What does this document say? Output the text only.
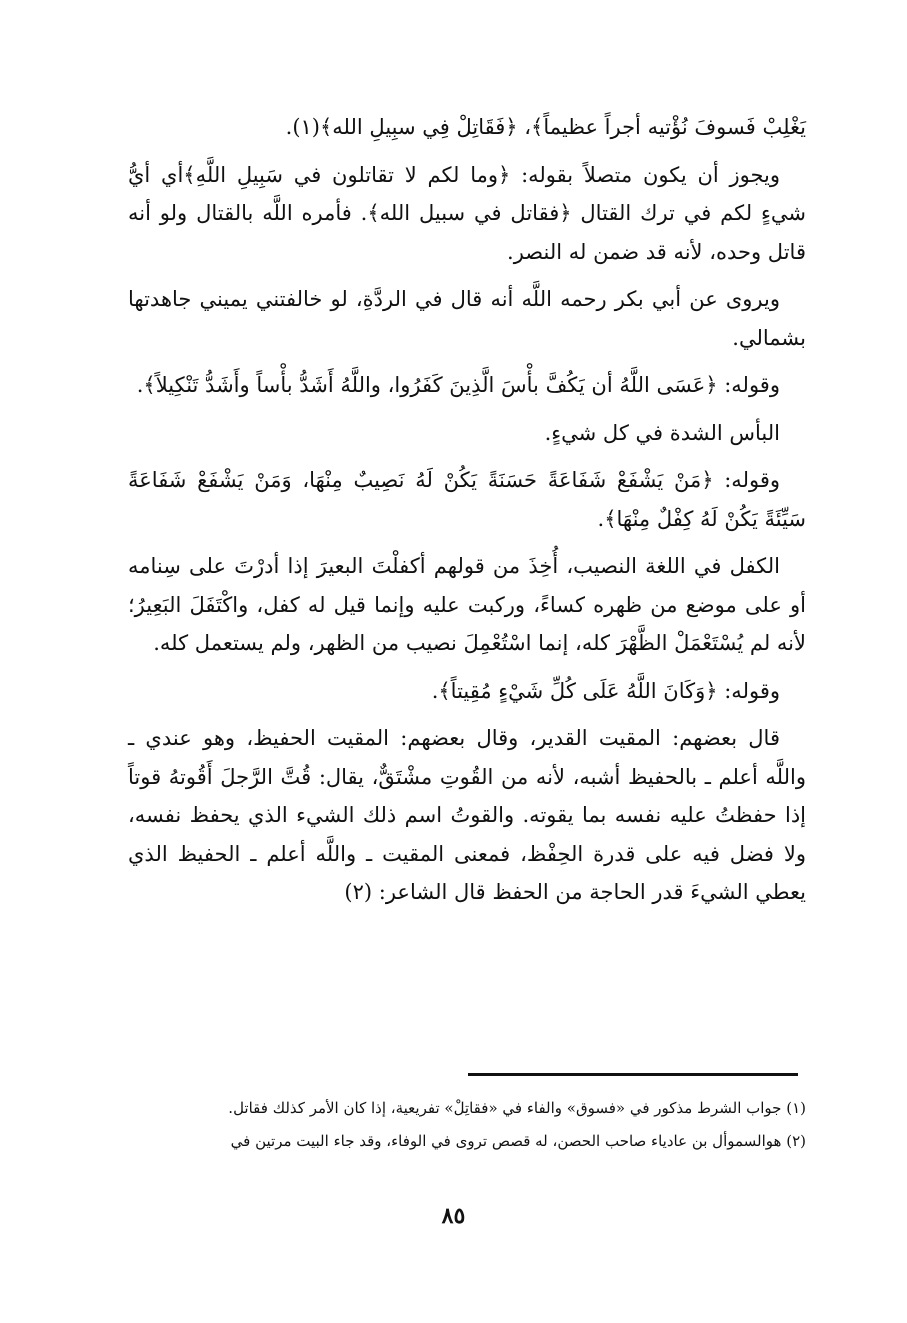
يَغْلِبْ فَسوفَ نُؤْتيه أجراً عظيماً﴾، ﴿فَقَاتِلْ فِي سبِيلِ الله﴾(١).

ويجوز أن يكون متصلاً بقوله: ﴿وما لكم لا تقاتلون في سَبِيلِ اللَّهِ﴾أي أيُّ شيءٍ لكم في ترك القتال ﴿فقاتل في سبيل الله﴾. فأمره اللَّه بالقتال ولو أنه قاتل وحده، لأنه قد ضمن له النصر.

ويروى عن أبي بكر رحمه اللَّه أنه قال في الردَّةِ، لو خالفتني يميني جاهدتها بشمالي.

وقوله: ﴿عَسَى اللَّهُ أن يَكُفَّ بأْسَ الَّذِينَ كَفَرُوا، واللَّهُ أَشَدُّ بأْساً وأَشَدُّ تَنْكِيلاً﴾.

البأس الشدة في كل شيءٍ.

وقوله: ﴿مَنْ يَشْفَعْ شَفَاعَةً حَسَنَةً يَكُنْ لَهُ نَصِيبٌ مِنْهَا، وَمَنْ يَشْفَعْ شَفَاعَةً سَيِّئَةً يَكُنْ لَهُ كِفْلٌ مِنْهَا﴾.

الكفل في اللغة النصيب، أُخِذَ من قولهم أكفلْتَ البعيرَ إذا أدرْتَ على سِنامه أو على موضع من ظهره كساءً، وركبت عليه وإنما قيل له كفل، واكْتَفَلَ البَعِيرُ؛ لأنه لم يُسْتَعْمَلْ الظَّهْرَ كله، إنما اسْتُعْمِلَ نصيب من الظهر، ولم يستعمل كله.

وقوله: ﴿وَكَانَ اللَّهُ عَلَى كُلِّ شَيْءٍ مُقِيتاً﴾.

قال بعضهم: المقيت القدير، وقال بعضهم: المقيت الحفيظ، وهو عندي ـ واللَّه أعلم ـ بالحفيظ أشبه، لأنه من القُوتِ مشْتَقٌّ، يقال: قُتَّ الرَّجلَ أَقُوتهُ قوتاً إذا حفظتُ عليه نفسه بما يقوته. والقوتُ اسم ذلك الشيء الذي يحفظ نفسه، ولا فضل فيه على قدرة الحِفْظ، فمعنى المقيت ـ واللَّه أعلم ـ الحفيظ الذي يعطي الشيءَ قدر الحاجة من الحفظ قال الشاعر: (٢)

(١) جواب الشرط مذكور في «فسوق» والفاء في «فقاتِلْ» تفريعية، إذا كان الأمر كذلك فقاتل.

(٢) هوالسموأل بن عادياء صاحب الحصن، له قصص تروى في الوفاء، وقد جاء البيت مرتين في

٨٥
